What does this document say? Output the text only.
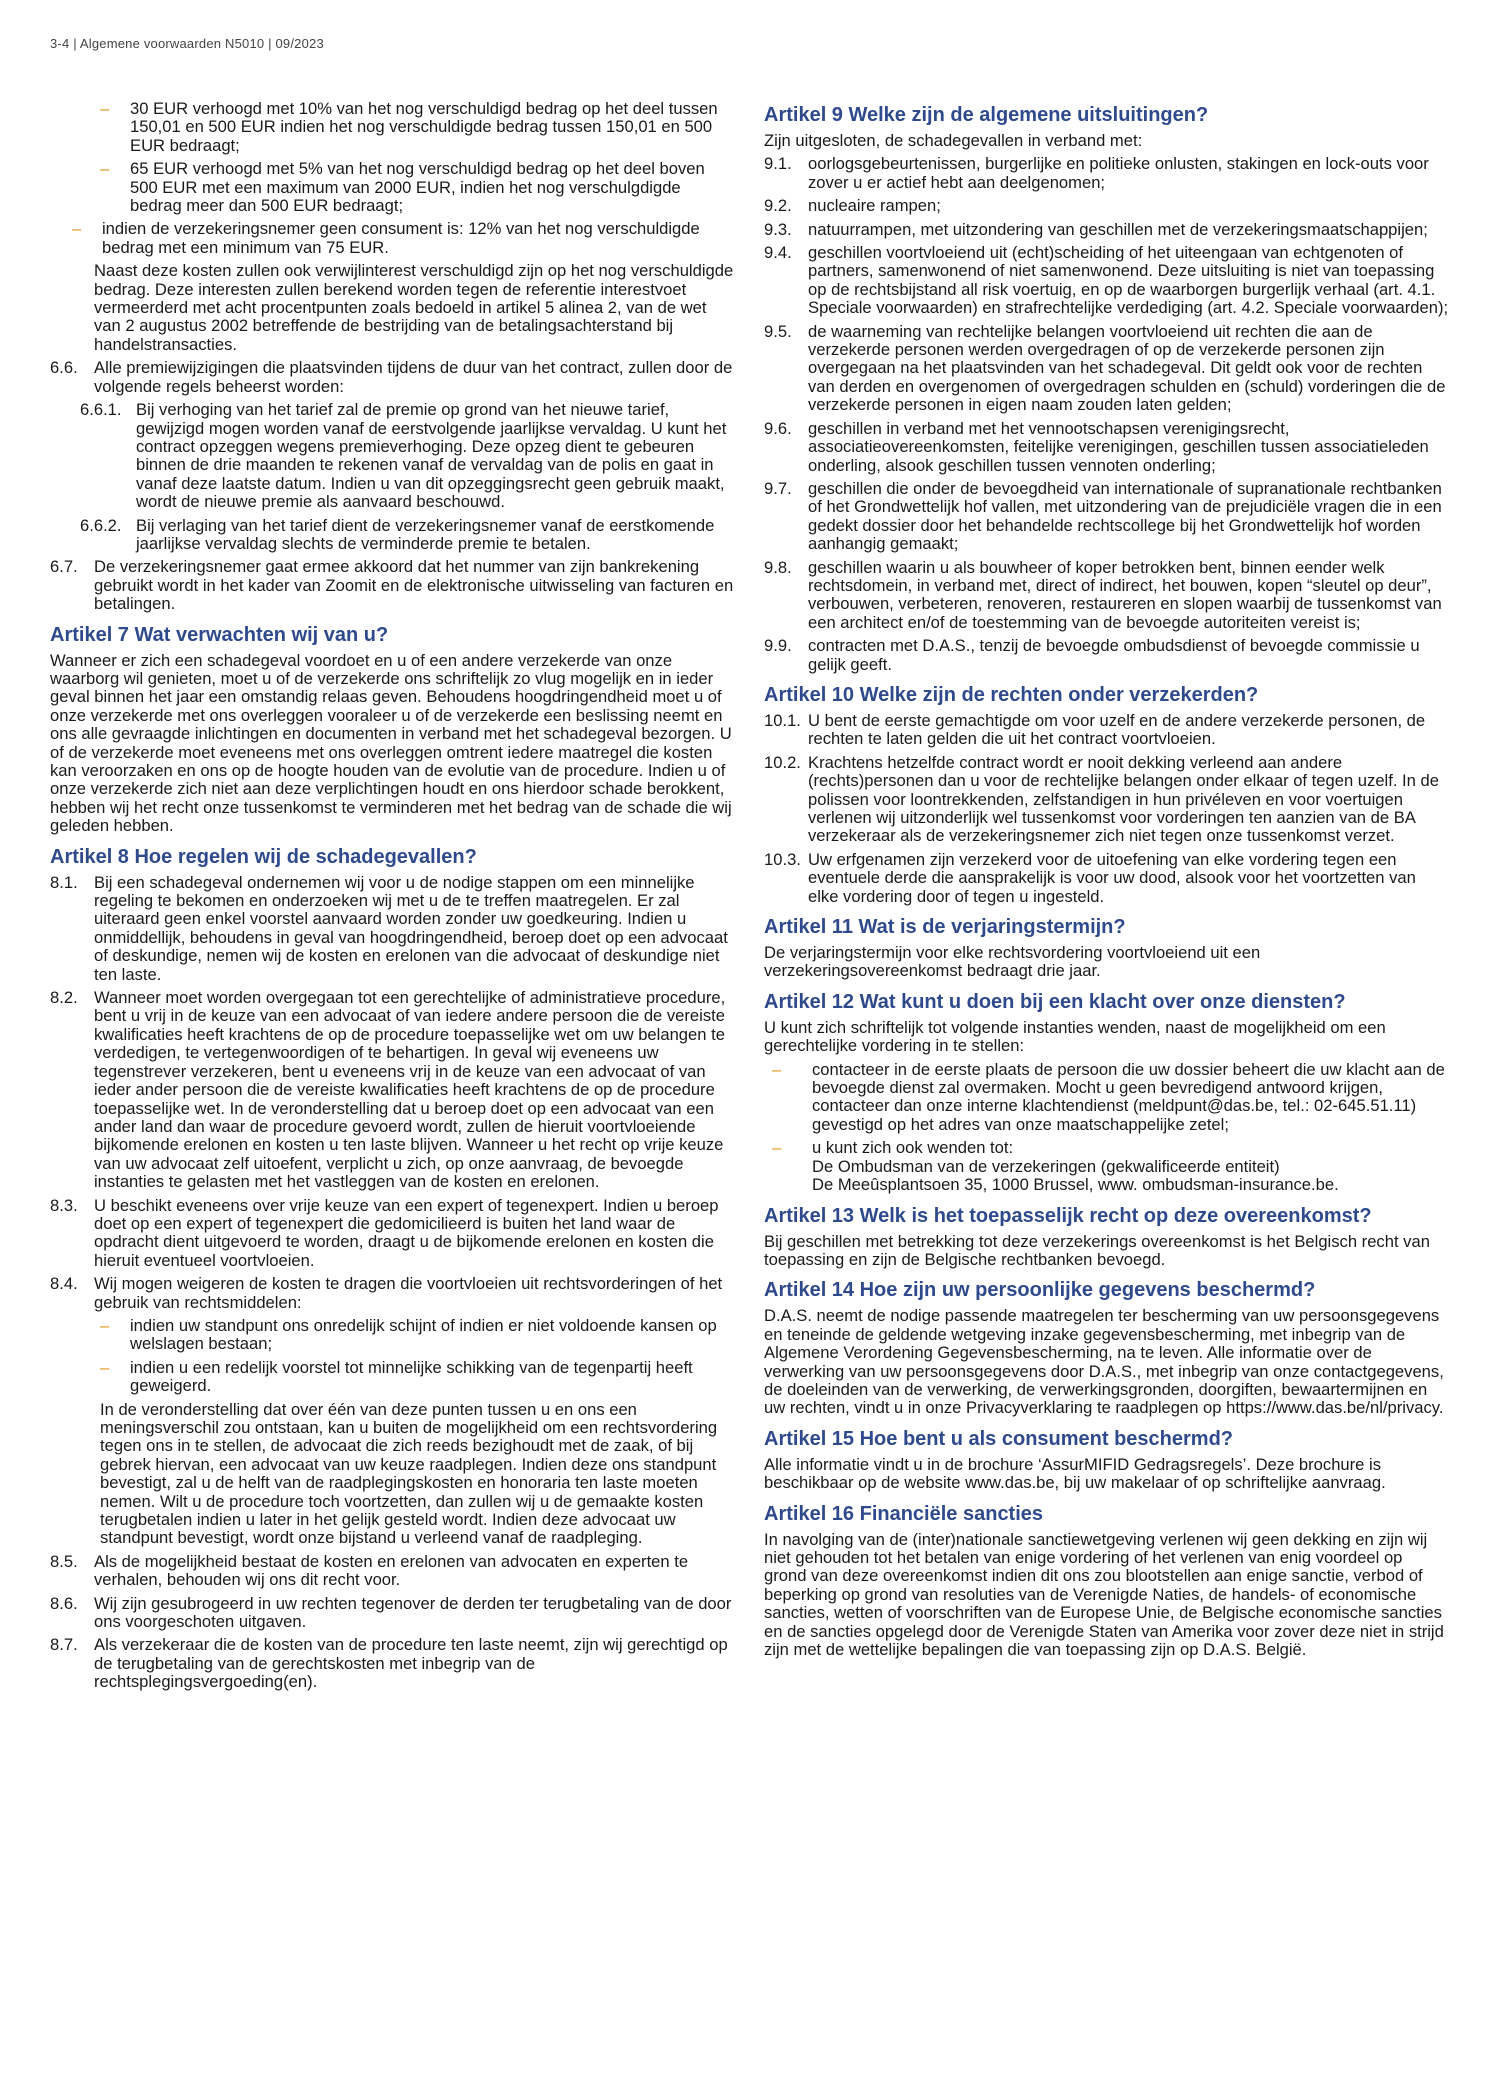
3-4 | Algemene voorwaarden N5010 | 09/2023
–	30 EUR verhoogd met 10% van het nog verschuldigd bedrag op het deel tussen 150,01 en 500 EUR indien het nog verschuldigde bedrag tussen 150,01 en 500 EUR bedraagt;
–	65 EUR verhoogd met 5% van het nog verschuldigd bedrag op het deel boven 500 EUR met een maximum van 2000 EUR, indien het nog verschulgdigde bedrag meer dan 500 EUR bedraagt;
–	indien de verzekeringsnemer geen consument is: 12% van het nog verschuldigde bedrag met een minimum van 75 EUR.

Naast deze kosten zullen ook verwijlinterest verschuldigd zijn op het nog verschuldigde bedrag. Deze interesten zullen berekend worden tegen de referentie interestvoet vermeerderd met acht procentpunten zoals bedoeld in artikel 5 alinea 2, van de wet van 2 augustus 2002 betreffende de bestrijding van de betalingsachterstand bij handelstransacties.

6.6. Alle premiewijzigingen die plaatsvinden tijdens de duur van het contract, zullen door de volgende regels beheerst worden:
6.6.1. Bij verhoging van het tarief zal de premie op grond van het nieuwe tarief, gewijzigd mogen worden vanaf de eerstvolgende jaarlijkse vervaldag. U kunt het contract opzeggen wegens premieverhoging. Deze opzeg dient te gebeuren binnen de drie maanden te rekenen vanaf de vervaldag van de polis en gaat in vanaf deze laatste datum. Indien u van dit opzeggingsrecht geen gebruik maakt, wordt de nieuwe premie als aanvaard beschouwd.
6.6.2. Bij verlaging van het tarief dient de verzekeringsnemer vanaf de eerstkomende jaarlijkse vervaldag slechts de verminderde premie te betalen.
6.7. De verzekeringsnemer gaat ermee akkoord dat het nummer van zijn bankrekening gebruikt wordt in het kader van Zoomit en de elektronische uitwisseling van facturen en betalingen.
Artikel 7 Wat verwachten wij van u?

Wanneer er zich een schadegeval voordoet en u of een andere verzekerde van onze waarborg wil genieten, moet u of de verzekerde ons schriftelijk zo vlug mogelijk en in ieder geval binnen het jaar een omstandig relaas geven. Behoudens hoogdringendheid moet u of onze verzekerde met ons overleggen vooraleer u of de verzekerde een beslissing neemt en ons alle gevraagde inlichtingen en documenten in verband met het schadegeval bezorgen. U of de verzekerde moet eveneens met ons overleggen omtrent iedere maatregel die kosten kan veroorzaken en ons op de hoogte houden van de evolutie van de procedure. Indien u of onze verzekerde zich niet aan deze verplichtingen houdt en ons hierdoor schade berokkent, hebben wij het recht onze tussenkomst te verminderen met het bedrag van de schade die wij geleden hebben.

Artikel 8 Hoe regelen wij de schadegevallen?
8.1. Bij een schadegeval ondernemen wij voor u de nodige stappen om een minnelijke regeling te bekomen en onderzoeken wij met u de te treffen maatregelen. Er zal uiteraard geen enkel voorstel aanvaard worden zonder uw goedkeuring. Indien u onmiddellijk, behoudens in geval van hoogdringendheid, beroep doet op een advocaat of deskundige, nemen wij de kosten en erelonen van die advocaat of deskundige niet ten laste.
8.2. Wanneer moet worden overgegaan tot een gerechtelijke of administratieve procedure, bent u vrij in de keuze van een advocaat of van iedere andere persoon die de vereiste kwalificaties heeft krachtens de op de procedure toepasselijke wet om uw belangen te verdedigen, te vertegenwoordigen of te behartigen. In geval wij eveneens uw tegenstrever verzekeren, bent u eveneens vrij in de keuze van een advocaat of van ieder ander persoon die de vereiste kwalificaties heeft krachtens de op de procedure toepasselijke wet. In de veronderstelling dat u beroep doet op een advocaat van een ander land dan waar de procedure gevoerd wordt, zullen de hieruit voortvloeiende bijkomende erelonen en kosten u ten laste blijven. Wanneer u het recht op vrije keuze van uw advocaat zelf uitoefent, verplicht u zich, op onze aanvraag, de bevoegde instanties te gelasten met het vastleggen van de kosten en erelonen.
8.3. U beschikt eveneens over vrije keuze van een expert of tegenexpert. Indien u beroep doet op een expert of tegenexpert die gedomicilieerd is buiten het land waar de opdracht dient uitgevoerd te worden, draagt u de bijkomende erelonen en kosten die hieruit eventueel voortvloeien.
8.4. Wij mogen weigeren de kosten te dragen die voortvloeien uit rechtsvorderingen of het gebruik van rechtsmiddelen:
–	indien uw standpunt ons onredelijk schijnt of indien er niet voldoende kansen op welslagen bestaan;
–	indien u een redelijk voorstel tot minnelijke schikking van de tegenpartij heeft geweigerd.

In de veronderstelling dat over één van deze punten tussen u en ons een meningsverschil zou ontstaan, kan u buiten de mogelijkheid om een rechtsvordering tegen ons in te stellen, de advocaat die zich reeds bezighoudt met de zaak, of bij gebrek hiervan, een advocaat van uw keuze raadplegen. Indien deze ons standpunt bevestigt, zal u de helft van de raadplegingskosten en honoraria ten laste moeten nemen. Wilt u de procedure toch voortzetten, dan zullen wij u de gemaakte kosten terugbetalen indien u later in het gelijk gesteld wordt. Indien deze advocaat uw standpunt bevestigt, wordt onze bijstand u verleend vanaf de raadpleging.

8.5. Als de mogelijkheid bestaat de kosten en erelonen van advocaten en experten te verhalen, behouden wij ons dit recht voor.
8.6. Wij zijn gesubrogeerd in uw rechten tegenover de derden ter terugbetaling van de door ons voorgeschoten uitgaven.
8.7. Als verzekeraar die de kosten van de procedure ten laste neemt, zijn wij gerechtigd op de terugbetaling van de gerechtskosten met inbegrip van de rechtsplegingsvergoeding(en).
Artikel 9 Welke zijn de algemene uitsluitingen?

Zijn uitgesloten, de schadegevallen in verband met:

9.1. oorlogsgebeurtenissen, burgerlijke en politieke onlusten, stakingen en lock-outs voor zover u er actief hebt aan deelgenomen;
9.2. nucleaire rampen;
9.3. natuurrampen, met uitzondering van geschillen met de verzekeringsmaatschappijen;
9.4. geschillen voortvloeiend uit (echt)scheiding of het uiteengaan van echtgenoten of partners, samenwonend of niet samenwonend. Deze uitsluiting is niet van toepassing op de rechtsbijstand all risk voertuig, en op de waarborgen burgerlijk verhaal (art. 4.1. Speciale voorwaarden) en strafrechtelijke verdediging (art. 4.2. Speciale voorwaarden);
9.5. de waarneming van rechtelijke belangen voortvloeiend uit rechten die aan de verzekerde personen werden overgedragen of op de verzekerde personen zijn overgegaan na het plaatsvinden van het schadegeval. Dit geldt ook voor de rechten van derden en overgenomen of overgedragen schulden en (schuld) vorderingen die de verzekerde personen in eigen naam zouden laten gelden;
9.6. geschillen in verband met het vennootschapsen verenigingsrecht, associatieovereenkomsten, feitelijke verenigingen, geschillen tussen associatieleden onderling, alsook geschillen tussen vennoten onderling;
9.7. geschillen die onder de bevoegdheid van internationale of supranationale rechtbanken of het Grondwettelijk hof vallen, met uitzondering van de prejudiciële vragen die in een gedekt dossier door het behandelde rechtscollege bij het Grondwettelijk hof worden aanhangig gemaakt;
9.8. geschillen waarin u als bouwheer of koper betrokken bent, binnen eender welk rechtsdomein, in verband met, direct of indirect, het bouwen, kopen “sleutel op deur”, verbouwen, verbeteren, renoveren, restaureren en slopen waarbij de tussenkomst van een architect en/of de toestemming van de bevoegde autoriteiten vereist is;
9.9. contracten met D.A.S., tenzij de bevoegde ombudsdienst of bevoegde commissie u gelijk geeft.
Artikel 10 Welke zijn de rechten onder verzekerden?
10.1. U bent de eerste gemachtigde om voor uzelf en de andere verzekerde personen, de rechten te laten gelden die uit het contract voortvloeien.
10.2. Krachtens hetzelfde contract wordt er nooit dekking verleend aan andere (rechts)personen dan u voor de rechtelijke belangen onder elkaar of tegen uzelf. In de polissen voor loontrekkenden, zelfstandigen in hun privéleven en voor voertuigen verlenen wij uitzonderlijk wel tussenkomst voor vorderingen ten aanzien van de BA verzekeraar als de verzekeringsnemer zich niet tegen onze tussenkomst verzet.
10.3. Uw erfgenamen zijn verzekerd voor de uitoefening van elke vordering tegen een eventuele derde die aansprakelijk is voor uw dood, alsook voor het voortzetten van elke vordering door of tegen u ingesteld.
Artikel 11 Wat is de verjaringstermijn?

De verjaringstermijn voor elke rechtsvordering voortvloeiend uit een verzekeringsovereenkomst bedraagt drie jaar.

Artikel 12 Wat kunt u doen bij een klacht over onze diensten?

U kunt zich schriftelijk tot volgende instanties wenden, naast de mogelijkheid om een gerechtelijke vordering in te stellen:

–	contacteer in de eerste plaats de persoon die uw dossier beheert die uw klacht aan de bevoegde dienst zal overmaken. Mocht u geen bevredigend antwoord krijgen, contacteer dan onze interne klachtendienst (meldpunt@das.be, tel.: 02-645.51.11) gevestigd op het adres van onze maatschappelijke zetel;
–	u kunt zich ook wenden tot:
De Ombudsman van de verzekeringen (gekwalificeerde entiteit)
De Meeûsplantsoen 35, 1000 Brussel, www. ombudsman-insurance.be.
Artikel 13 Welk is het toepasselijk recht op deze overeenkomst?

Bij geschillen met betrekking tot deze verzekerings overeenkomst is het Belgisch recht van toepassing en zijn de Belgische rechtbanken bevoegd.

Artikel 14 Hoe zijn uw persoonlijke gegevens beschermd?

D.A.S. neemt de nodige passende maatregelen ter bescherming van uw persoonsgegevens en teneinde de geldende wetgeving inzake gegevensbescherming, met inbegrip van de Algemene Verordening Gegevensbescherming, na te leven. Alle informatie over de verwerking van uw persoonsgegevens door D.A.S., met inbegrip van onze contactgegevens, de doeleinden van de verwerking, de verwerkingsgronden, doorgiften, bewaartermijnen en uw rechten, vindt u in onze Privacyverklaring te raadplegen op https://www.das.be/nl/privacy.

Artikel 15 Hoe bent u als consument beschermd?

Alle informatie vindt u in de brochure ‘AssurMIFID Gedragsregels’. Deze brochure is beschikbaar op de website www.das.be, bij uw makelaar of op schriftelijke aanvraag.

Artikel 16 Financiële sancties

In navolging van de (inter)nationale sanctiewetgeving verlenen wij geen dekking en zijn wij niet gehouden tot het betalen van enige vordering of het verlenen van enig voordeel op grond van deze overeenkomst indien dit ons zou blootstellen aan enige sanctie, verbod of beperking op grond van resoluties van de Verenigde Naties, de handels- of economische sancties, wetten of voorschriften van de Europese Unie, de Belgische economische sancties en de sancties opgelegd door de Verenigde Staten van Amerika voor zover deze niet in strijd zijn met de wettelijke bepalingen die van toepassing zijn op D.A.S. België.
